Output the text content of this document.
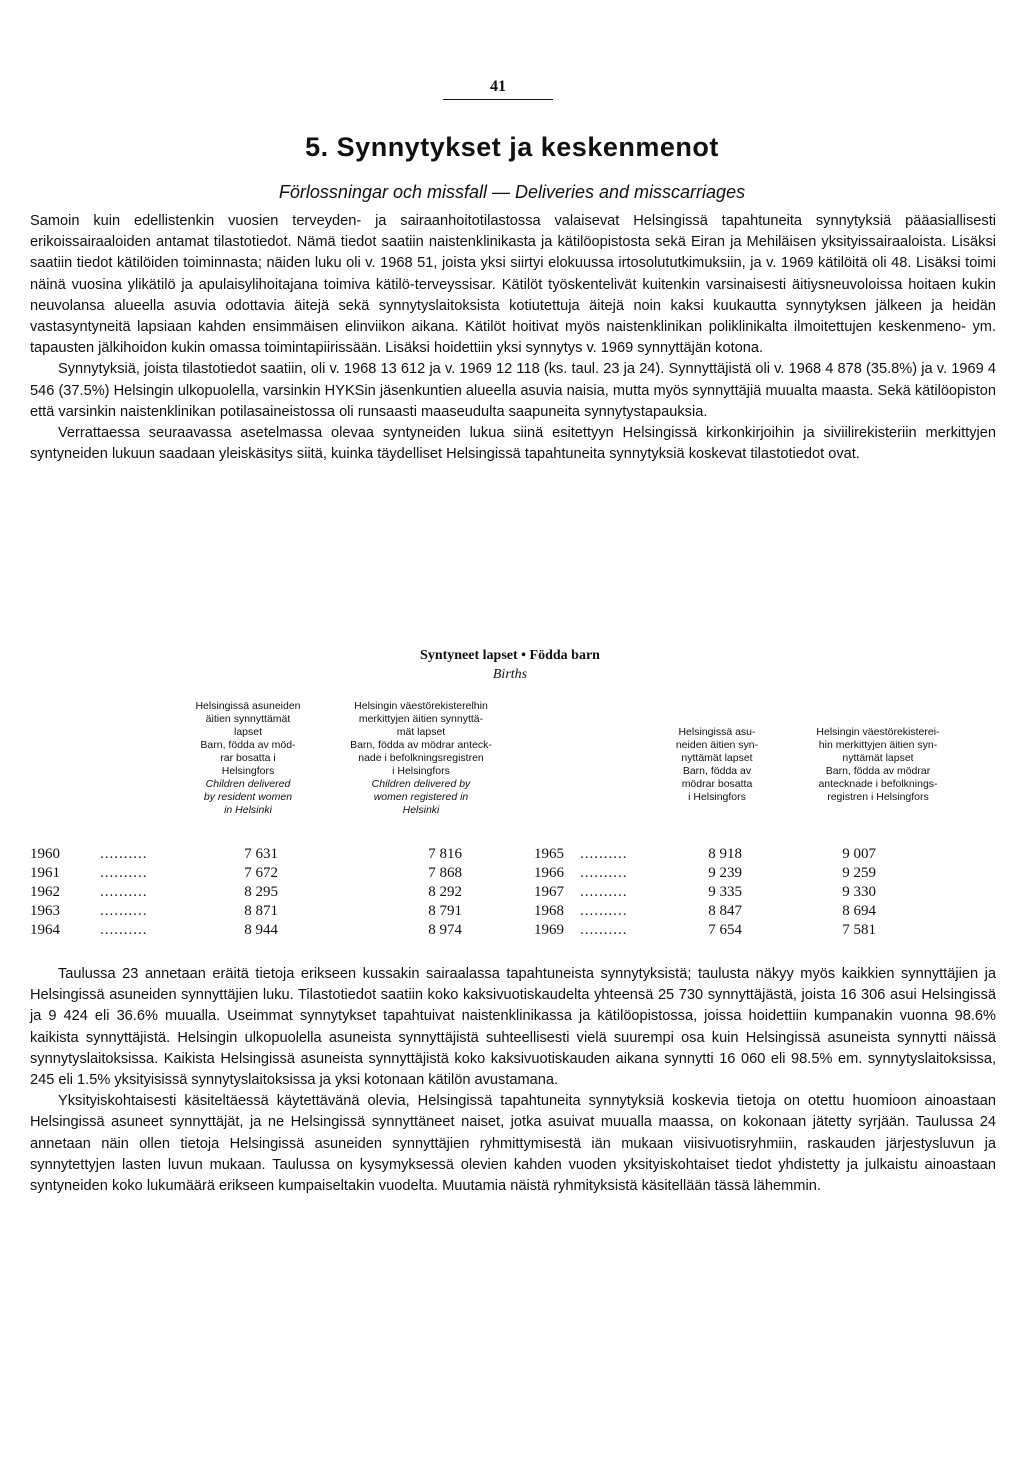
41
5. Synnytykset ja keskenmenot
Förlossningar och missfall — Deliveries and misscarriages

Samoin kuin edellistenkin vuosien terveyden- ja sairaanhoitotilastossa valaisevat Helsingissä tapahtuneita synnytyksiä pääasiallisesti erikoissairaaloiden antamat tilastotiedot. Nämä tiedot saatiin naistenklinikasta ja kätilöopistosta sekä Eiran ja Mehiläisen yksityissairaaloista. Lisäksi saatiin tiedot kätilöiden toiminnasta; näiden luku oli v. 1968 51, joista yksi siirtyi elokuussa irtosolututkimuksiin, ja v. 1969 kätilöitä oli 48. Lisäksi toimi näinä vuosina ylikätilö ja apulaisylihoitajana toimiva kätilö-terveyssisar. Kätilöt työskentelivät kuitenkin varsinaisesti äitiysneuvoloissa hoitaen kukin neuvolansa alueella asuvia odottavia äitejä sekä synnytyslaitoksista kotiutettuja äitejä noin kaksi kuukautta synnytyksen jälkeen ja heidän vastasyntyneitä lapsiaan kahden ensimmäisen elinviikon aikana. Kätilöt hoitivat myös naistenklinikan poliklinikalta ilmoitettujen keskenmeno- ym. tapausten jälkihoidon kukin omassa toimintapiirissään. Lisäksi hoidettiin yksi synnytys v. 1969 synnyttäjän kotona.

Synnytyksiä, joista tilastotiedot saatiin, oli v. 1968 13 612 ja v. 1969 12 118 (ks. taul. 23 ja 24). Synnyttäjistä oli v. 1968 4 878 (35.8%) ja v. 1969 4 546 (37.5%) Helsingin ulkopuolella, varsinkin HYKSin jäsenkuntien alueella asuvia naisia, mutta myös synnyttäjiä muualta maasta. Sekä kätilöopiston että varsinkin naistenklinikan potilasaineistossa oli runsaasti maaseudulta saapuneita synnytystapauksia.

Verrattaessa seuraavassa asetelmassa olevaa syntyneiden lukua siinä esitettyyn Helsingissä kirkonkirjoihin ja siviilirekisteriin merkittyjen syntyneiden lukuun saadaan yleiskäsitys siitä, kuinka täydelliset Helsingissä tapahtuneita synnytyksiä koskevat tilastotiedot ovat.

Syntyneet lapset • Födda barn
Births
Helsingissä asuneiden
äitien synnyttämät
lapset
Barn, födda av möd-
rar bosatta i
Helsingfors
Children delivered
by resident women
in Helsinki
Helsingin väestörekisterelhin
merkittyjen äitien synnyttä-
mät lapset
Barn, födda av mödrar anteck-
nade i befolkningsregistren
i Helsingfors
Children delivered by
women registered in
Helsinki
Helsingissä asu-
neiden äitien syn-
nyttämät lapset
Barn, födda av
mödrar bosatta
i Helsingfors
Helsingin väestörekisterei-
hin merkittyjen äitien syn-
nyttämät lapset
Barn, födda av mödrar
antecknade i befolknings-
registren i Helsingfors
1960	..........	7 631	7 816	1965	..........	8 918	9 007
1961	..........	7 672	7 868	1966	..........	9 239	9 259
1962	..........	8 295	8 292	1967	..........	9 335	9 330
1963	..........	8 871	8 791	1968	..........	8 847	8 694
1964	..........	8 944	8 974	1969	..........	7 654	7 581

Taulussa 23 annetaan eräitä tietoja erikseen kussakin sairaalassa tapahtuneista synnytyksistä; taulusta näkyy myös kaikkien synnyttäjien ja Helsingissä asuneiden synnyttäjien luku. Tilastotiedot saatiin koko kaksivuotiskaudelta yhteensä 25 730 synnyttäjästä, joista 16 306 asui Helsingissä ja 9 424 eli 36.6% muualla. Useimmat synnytykset tapahtuivat naistenklinikassa ja kätilöopistossa, joissa hoidettiin kumpanakin vuonna 98.6% kaikista synnyttäjistä. Helsingin ulkopuolella asuneista synnyttäjistä suhteellisesti vielä suurempi osa kuin Helsingissä asuneista synnytti näissä synnytyslaitoksissa. Kaikista Helsingissä asuneista synnyttäjistä koko kaksivuotiskauden aikana synnytti 16 060 eli 98.5% em. synnytyslaitoksissa, 245 eli 1.5% yksityisissä synnytyslaitoksissa ja yksi kotonaan kätilön avustamana.

Yksityiskohtaisesti käsiteltäessä käytettävänä olevia, Helsingissä tapahtuneita synnytyksiä koskevia tietoja on otettu huomioon ainoastaan Helsingissä asuneet synnyttäjät, ja ne Helsingissä synnyttäneet naiset, jotka asuivat muualla maassa, on kokonaan jätetty syrjään. Taulussa 24 annetaan näin ollen tietoja Helsingissä asuneiden synnyttäjien ryhmittymisestä iän mukaan viisivuotisryhmiin, raskauden järjestysluvun ja synnytettyjen lasten luvun mukaan. Taulussa on kysymyksessä olevien kahden vuoden yksityiskohtaiset tiedot yhdistetty ja julkaistu ainoastaan syntyneiden koko lukumäärä erikseen kumpaiseltakin vuodelta. Muutamia näistä ryhmityksistä käsitellään tässä lähemmin.
